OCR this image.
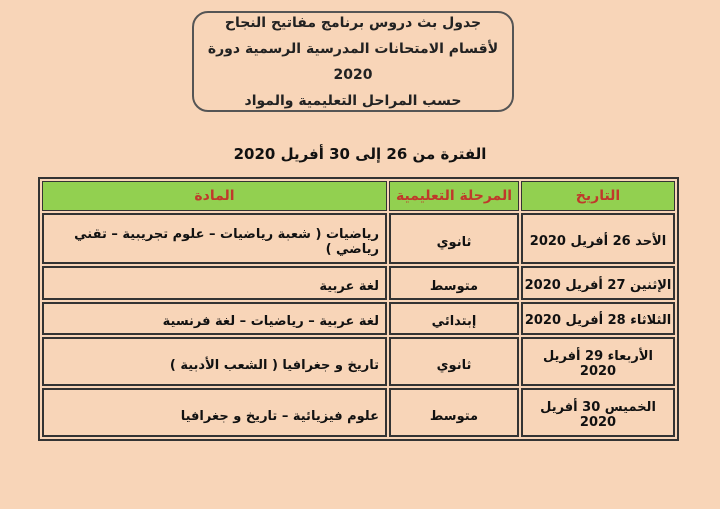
جدول بث دروس برنامج مفاتيح النجاح
لأقسام الامتحانات المدرسية الرسمية دورة 2020
حسب المراحل التعليمية والمواد
الفترة من 26 إلى 30 أفريل 2020
التاريخ	المرحلة التعليمية	المادة
الأحد 26 أفريل 2020	ثانوي	رياضيات ( شعبة رياضيات – علوم تجريبية – تقني رياضي )
الإثنين 27 أفريل 2020	متوسط	لغة عربية
الثلاثاء 28 أفريل 2020	إبتدائي	لغة عربية – رياضيات – لغة فرنسية
الأربعاء 29 أفريل 2020	ثانوي	تاريخ و جغرافيا ( الشعب الأدبية )
الخميس 30 أفريل 2020	متوسط	علوم فيزيائية – تاريخ و جغرافيا
